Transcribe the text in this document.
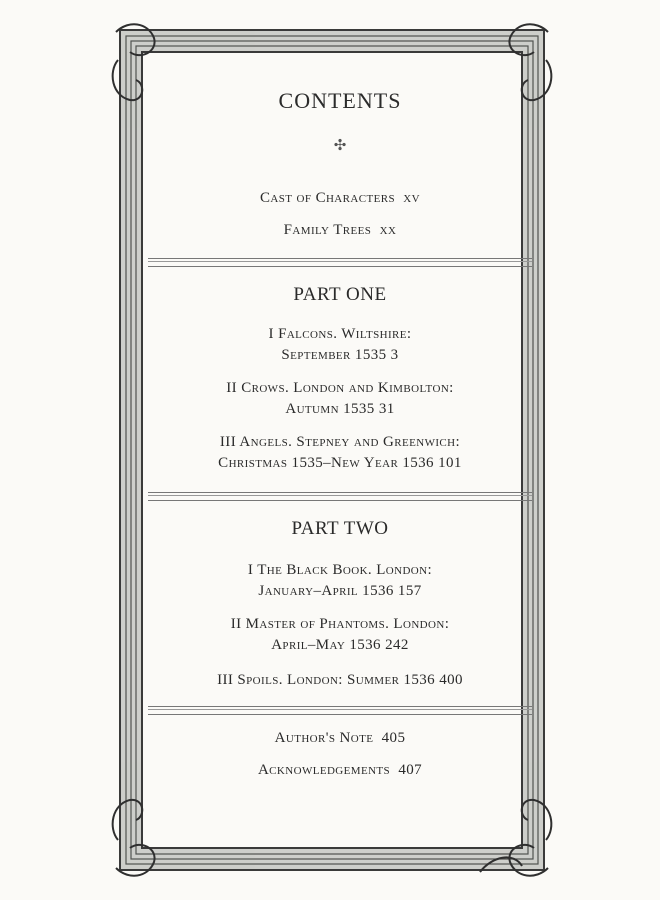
CONTENTS
✣
Cast of Characters xv
Family Trees xx
PART ONE
I Falcons. Wiltshire:
September 1535 3
II Crows. London and Kimbolton:
Autumn 1535 31
III Angels. Stepney and Greenwich:
Christmas 1535–New Year 1536 101
PART TWO
I The Black Book. London:
January–April 1536 157
II Master of Phantoms. London:
April–May 1536 242
III Spoils. London: Summer 1536 400
Author's Note 405
Acknowledgements 407
